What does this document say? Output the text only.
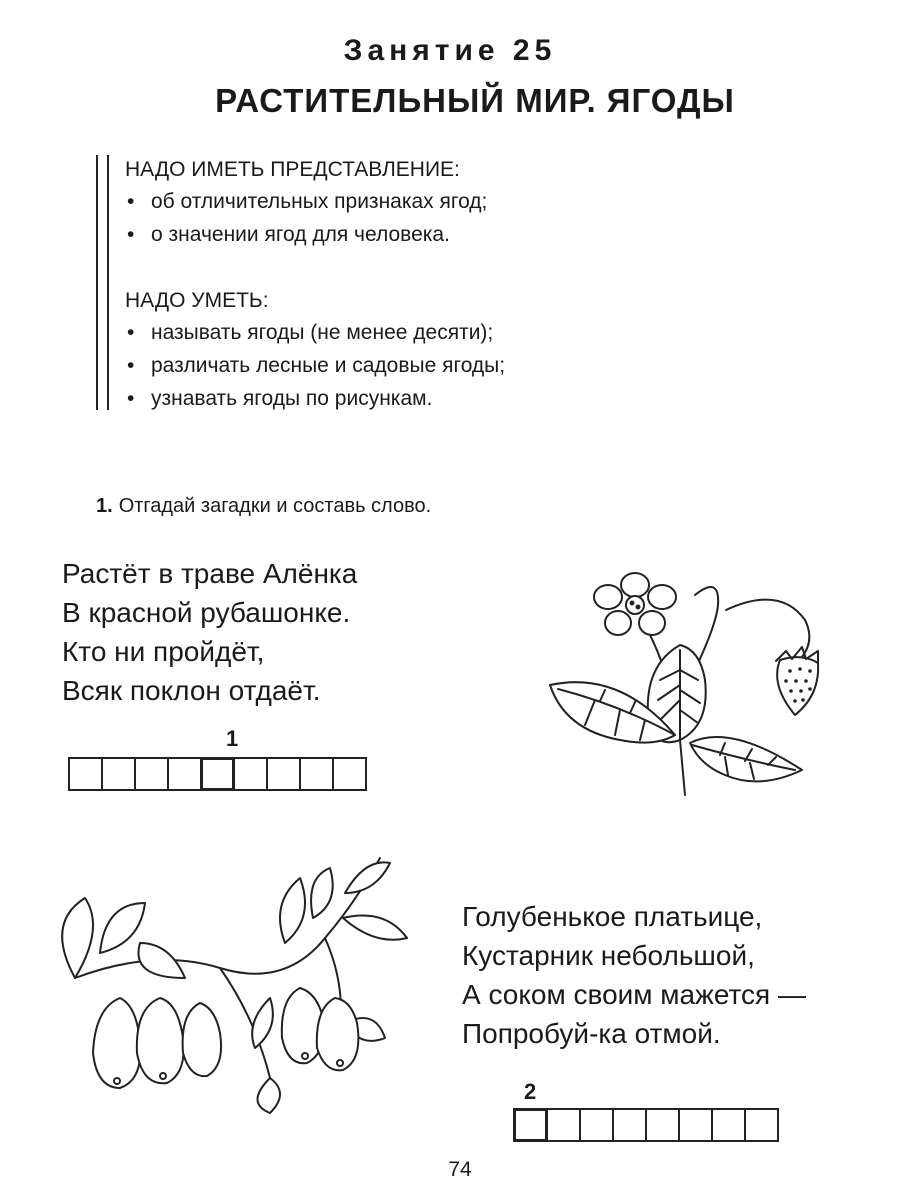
Занятие 25
РАСТИТЕЛЬНЫЙ МИР. ЯГОДЫ

НАДО ИМЕТЬ ПРЕДСТАВЛЕНИЕ:

• об отличительных признаках ягод;
• о значении ягод для человека.

НАДО УМЕТЬ:

• называть ягоды (не менее десяти);
• различать лесные и садовые ягоды;
• узнавать ягоды по рисункам.
1. Отгадай загадки и составь слово.

Растёт в траве Алёнка

В красной рубашонке.

Кто ни пройдёт,

Всяк поклон отдаёт.

1

Голубенькое платьице,

Кустарник небольшой,

А соком своим мажется —

Попробуй-ка отмой.

2
74
